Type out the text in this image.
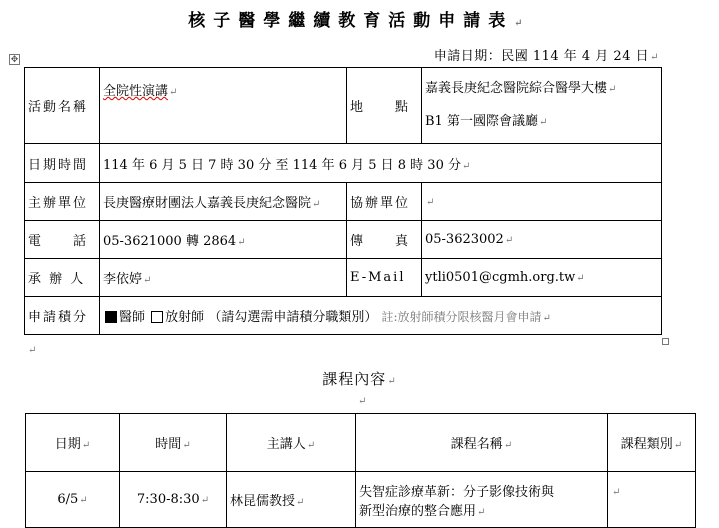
核子醫學繼續教育活動申請表↵
申請日期：民國 114 年 4 月 24 日↵
✥
活動名稱	全院性演講↵	地　　點	嘉義長庚紀念醫院綜合醫學大樓↵
B1 第一國際會議廳↵

日期時間	114 年 6 月 5 日 7 時 30 分 至 114 年 6 月 5 日 8 時 30 分↵		
主辦單位	長庚醫療財團法人嘉義長庚紀念醫院↵	協辦單位	↵
電　　話	05-3621000 轉 2864↵	傳　　真	05-3623002↵
承 辦 人	李依婷↵	E-Mail	ytli0501@cgmh.org.tw↵
申請積分	醫師 放射師 （請勾選需申請積分職類別） 註:放射師積分限核醫月會申請↵		
↵
課程內容↵
↵
日期↵	時間↵	主講人↵	課程名稱↵	課程類別↵
6/5↵	7:30-8:30↵	林昆儒教授↵	失智症診療革新：分子影像技術與
新型治療的整合應用↵	↵
